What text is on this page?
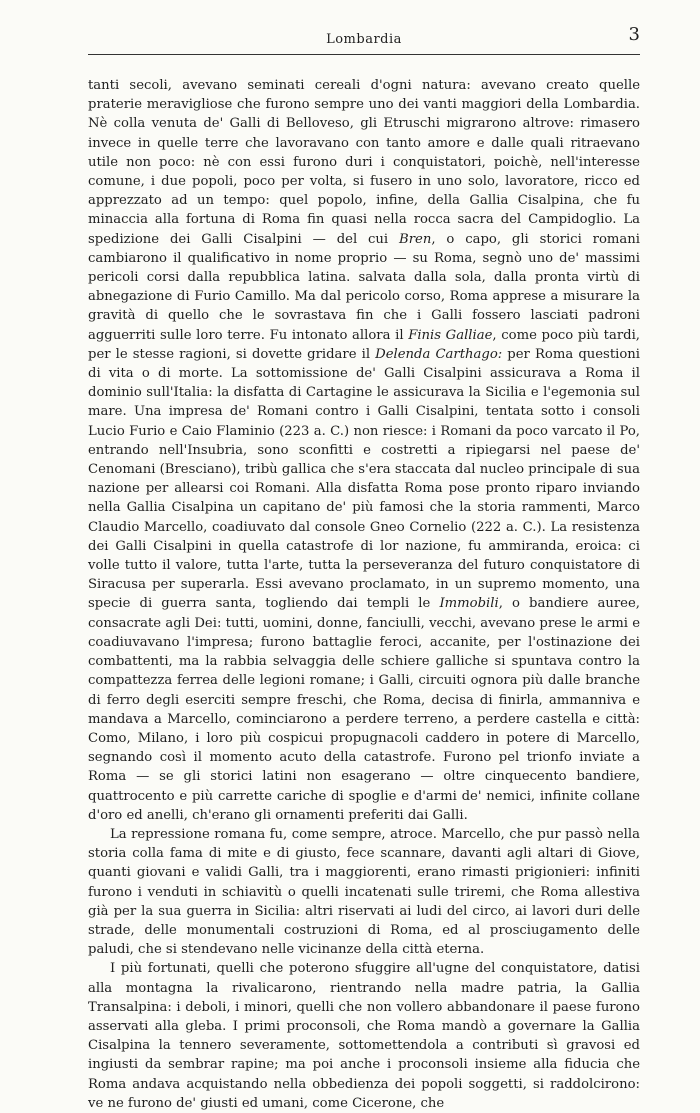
Lombardia	3

tanti secoli, avevano seminati cereali d'ogni natura: avevano creato quelle praterie meravigliose che furono sempre uno dei vanti maggiori della Lombardia. Nè colla venuta de' Galli di Belloveso, gli Etruschi migrarono altrove: rimasero invece in quelle terre che lavoravano con tanto amore e dalle quali ritraevano utile non poco: nè con essi furono duri i conquistatori, poichè, nell'interesse comune, i due popoli, poco per volta, si fusero in uno solo, lavoratore, ricco ed apprezzato ad un tempo: quel popolo, infine, della Gallia Cisalpina, che fu minaccia alla fortuna di Roma fin quasi nella rocca sacra del Campidoglio. La spedizione dei Galli Cisalpini — del cui Bren, o capo, gli storici romani cambiarono il qualificativo in nome proprio — su Roma, segnò uno de' massimi pericoli corsi dalla repubblica latina. salvata dalla sola, dalla pronta virtù di abnegazione di Furio Camillo. Ma dal pericolo corso, Roma apprese a misurare la gravità di quello che le sovrastava fin che i Galli fossero lasciati padroni agguerriti sulle loro terre. Fu intonato allora il Finis Galliae, come poco più tardi, per le stesse ragioni, si dovette gridare il Delenda Carthago: per Roma questioni di vita o di morte. La sottomissione de' Galli Cisalpini assicurava a Roma il dominio sull'Italia: la disfatta di Cartagine le assicurava la Sicilia e l'egemonia sul mare. Una impresa de' Romani contro i Galli Cisalpini, tentata sotto i consoli Lucio Furio e Caio Flaminio (223 a. C.) non riesce: i Romani da poco varcato il Po, entrando nell'Insubria, sono sconfitti e costretti a ripiegarsi nel paese de' Cenomani (Bresciano), tribù gallica che s'era staccata dal nucleo principale di sua nazione per allearsi coi Romani. Alla disfatta Roma pose pronto riparo inviando nella Gallia Cisalpina un capitano de' più famosi che la storia rammenti, Marco Claudio Marcello, coadiuvato dal console Gneo Cornelio (222 a. C.). La resistenza dei Galli Cisalpini in quella catastrofe di lor nazione, fu ammiranda, eroica: ci volle tutto il valore, tutta l'arte, tutta la perseveranza del futuro conquistatore di Siracusa per superarla. Essi avevano proclamato, in un supremo momento, una specie di guerra santa, togliendo dai templi le Immobili, o bandiere auree, consacrate agli Dei: tutti, uomini, donne, fanciulli, vecchi, avevano prese le armi e coadiuvavano l'impresa; furono battaglie feroci, accanite, per l'ostinazione dei combattenti, ma la rabbia selvaggia delle schiere galliche si spuntava contro la compattezza ferrea delle legioni romane; i Galli, circuiti ognora più dalle branche di ferro degli eserciti sempre freschi, che Roma, decisa di finirla, ammanniva e mandava a Marcello, cominciarono a perdere terreno, a perdere castella e città: Como, Milano, i loro più cospicui propugnacoli caddero in potere di Marcello, segnando così il momento acuto della catastrofe. Furono pel trionfo inviate a Roma — se gli storici latini non esagerano — oltre cinquecento bandiere, quattrocento e più carrette cariche di spoglie e d'armi de' nemici, infinite collane d'oro ed anelli, ch'erano gli ornamenti preferiti dai Galli.

La repressione romana fu, come sempre, atroce. Marcello, che pur passò nella storia colla fama di mite e di giusto, fece scannare, davanti agli altari di Giove, quanti giovani e validi Galli, tra i maggiorenti, erano rimasti prigionieri: infiniti furono i venduti in schiavitù o quelli incatenati sulle triremi, che Roma allestiva già per la sua guerra in Sicilia: altri riservati ai ludi del circo, ai lavori duri delle strade, delle monumentali costruzioni di Roma, ed al prosciugamento delle paludi, che si stendevano nelle vicinanze della città eterna.

I più fortunati, quelli che poterono sfuggire all'ugne del conquistatore, datisi alla montagna la rivalicarono, rientrando nella madre patria, la Gallia Transalpina: i deboli, i minori, quelli che non vollero abbandonare il paese furono asservati alla gleba. I primi proconsoli, che Roma mandò a governare la Gallia Cisalpina la tennero severamente, sottomettendola a contributi sì gravosi ed ingiusti da sembrar rapine; ma poi anche i proconsoli insieme alla fiducia che Roma andava acquistando nella obbedienza dei popoli soggetti, si raddolcirono: ve ne furono de' giusti ed umani, come Cicerone, che
